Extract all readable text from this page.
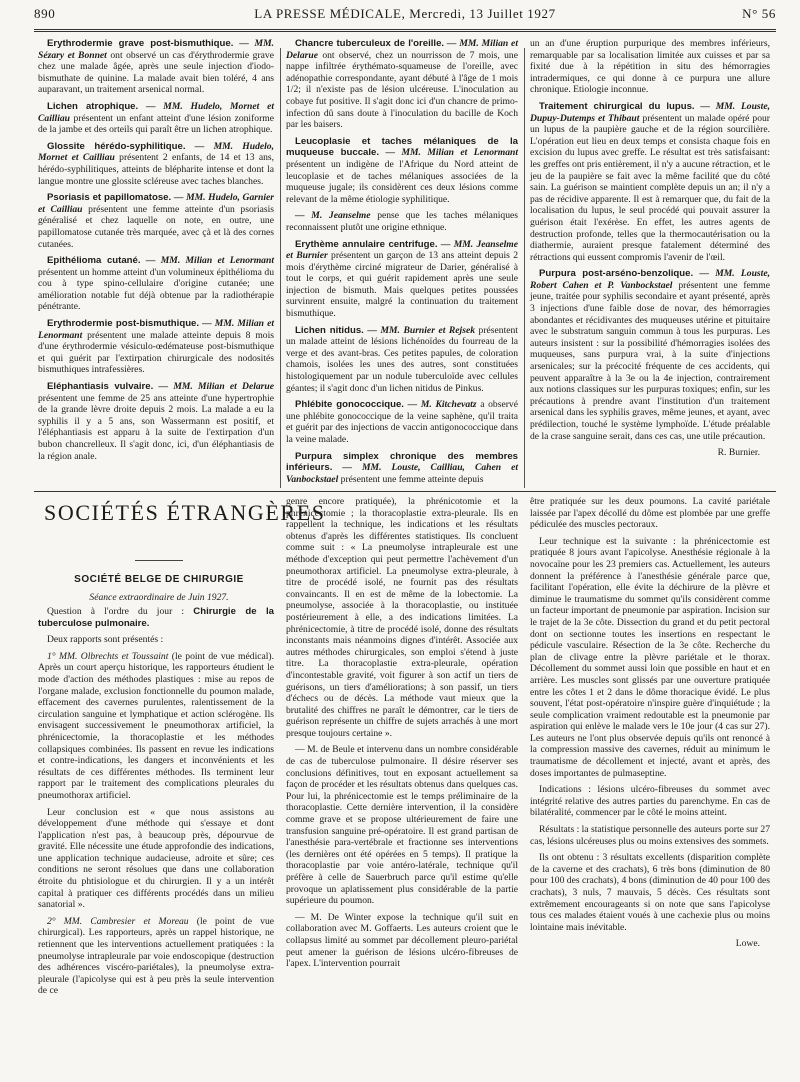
890	LA PRESSE MÉDICALE, Mercredi, 13 Juillet 1927	N° 56

Erythrodermie grave post-bismuthique. — MM. Sézary et Bonnet ont observé un cas d'érythrodermie grave chez une malade âgée, après une seule injection d'iodo-bismuthate de quinine. La malade avait bien toléré, 4 ans auparavant, un traitement arsenical normal.

Lichen atrophique. — MM. Hudelo, Mornet et Cailliau présentent un enfant atteint d'une lésion zoniforme de la jambe et des orteils qui paraît être un lichen atrophique.

Glossite hérédo-syphilitique. — MM. Hudelo, Mornet et Cailliau présentent 2 enfants, de 14 et 13 ans, hérédo-syphilitiques, atteints de blépharite intense et dont la langue montre une glossite scléreuse avec taches blanches.

Psoriasis et papillomatose. — MM. Hudelo, Garnier et Cailliau présentent une femme atteinte d'un psoriasis généralisé et chez laquelle on note, en outre, une papillomatose cutanée très marquée, avec çà et là des cornes cutanées.

Epithélioma cutané. — MM. Milian et Lenormant présentent un homme atteint d'un volumineux épithélioma du cou à type spino-cellulaire d'origine cutanée; une amélioration notable fut déjà obtenue par la radiothérapie pénétrante.

Erythrodermie post-bismuthique. — MM. Milian et Lenormant présentent une malade atteinte depuis 8 mois d'une érythrodermie vésiculo-œdémateuse post-bismuthique et qui guérit par l'extirpation chirurgicale des nodosités bismuthiques intrafessières.

Eléphantiasis vulvaire. — MM. Milian et Delarue présentent une femme de 25 ans atteinte d'une hypertrophie de la grande lèvre droite depuis 2 mois. La malade a eu la syphilis il y a 5 ans, son Wassermann est positif, et l'éléphantiasis est apparu à la suite de l'extirpation d'un bubon chancrelleux. Il s'agit donc, ici, d'un éléphantiasis de la région anale.

Chancre tuberculeux de l'oreille. — MM. Milian et Delarue ont observé, chez un nourrisson de 7 mois, une nappe infiltrée érythémato-squameuse de l'oreille, avec adénopathie correspondante, ayant débuté à l'âge de 1 mois 1/2; il n'existe pas de lésion ulcéreuse. L'inoculation au cobaye fut positive. Il s'agit donc ici d'un chancre de primo-infection dû sans doute à l'inoculation du bacille de Koch par les baisers.

Leucoplasie et taches mélaniques de la muqueuse buccale. — MM. Milian et Lenormant présentent un indigène de l'Afrique du Nord atteint de leucoplasie et de taches mélaniques associées de la muqueuse jugale; ils considèrent ces deux lésions comme relevant de la même étiologie syphilitique.

— M. Jeanselme pense que les taches mélaniques reconnaissent plutôt une origine ethnique.

Erythème annulaire centrifuge. — MM. Jeanselme et Burnier présentent un garçon de 13 ans atteint depuis 2 mois d'érythème circiné migrateur de Darier, généralisé à tout le corps, et qui guérit rapidement après une seule injection de bismuth. Mais quelques petites poussées survinrent ensuite, malgré la continuation du traitement bismuthique.

Lichen nitidus. — MM. Burnier et Rejsek présentent un malade atteint de lésions lichénoïdes du fourreau de la verge et des avant-bras. Ces petites papules, de coloration chamois, isolées les unes des autres, sont constituées histologiquement par un nodule tuberculoïde avec cellules géantes; il s'agit donc d'un lichen nitidus de Pinkus.

Phlébite gonococcique. — M. Kitchevatz a observé une phlébite gonococcique de la veine saphène, qu'il traita et guérit par des injections de vaccin antigonococcique dans la veine malade.

Purpura simplex chronique des membres inférieurs. — MM. Louste, Cailliau, Cahen et Vanbockstael présentent une femme atteinte depuis

un an d'une éruption purpurique des membres inférieurs, remarquable par sa localisation limitée aux cuisses et par sa fixité due à la répétition in situ des hémorragies intradermiques, ce qui donne à ce purpura une allure chronique. Etiologie inconnue.

Traitement chirurgical du lupus. — MM. Louste, Dupuy-Dutemps et Thibaut présentent un malade opéré pour un lupus de la paupière gauche et de la région sourcilière. L'opération eut lieu en deux temps et consista chaque fois en excision du lupus avec greffe. Le résultat est très satisfaisant: les greffes ont pris entièrement, il n'y a aucune rétraction, et le jeu de la paupière se fait avec la même facilité que du côté sain. La guérison se maintient complète depuis un an; il n'y a pas de récidive apparente. Il est à remarquer que, du fait de la localisation du lupus, le seul procédé qui pouvait assurer la guérison était l'exérèse. En effet, les autres agents de destruction profonde, telles que la thermocautérisation ou la diathermie, auraient presque fatalement déterminé des rétractions qui eussent compromis l'avenir de l'œil.

Purpura post-arséno-benzolique. — MM. Louste, Robert Cahen et P. Vanbockstael présentent une femme jeune, traitée pour syphilis secondaire et ayant présenté, après 3 injections d'une faible dose de novar, des hémorragies abondantes et récidivantes des muqueuses utérine et pituitaire avec le substratum sanguin commun à tous les purpuras. Les auteurs insistent : sur la possibilité d'hémorragies isolées des muqueuses, sans purpura vrai, à la suite d'injections arsenicales; sur la précocité fréquente de ces accidents, qui peuvent apparaître à la 3e ou la 4e injection, contrairement aux notions classiques sur les purpuras toxiques; enfin, sur les précautions à prendre avant l'institution d'un traitement arsenical dans les syphilis graves, même jeunes, et ayant, avec prédilection, touché le système lymphoïde. L'étude préalable de la crase sanguine serait, dans ces cas, une utile précaution.

R. Burnier.

SOCIÉTÉS ÉTRANGÈRES
SOCIÉTÉ BELGE DE CHIRURGIE
Séance extraordinaire de Juin 1927.

Question à l'ordre du jour : Chirurgie de la tuberculose pulmonaire.

Deux rapports sont présentés :

1° MM. Olbrechts et Toussaint (le point de vue médical). Après un court aperçu historique, les rapporteurs étudient le mode d'action des méthodes plastiques : mise au repos de l'organe malade, exclusion fonctionnelle du poumon malade, effacement des cavernes purulentes, ralentissement de la circulation sanguine et lymphatique et action sclérogène. Ils envisagent successivement le pneumothorax artificiel, la phrénicectomie, la thoracoplastie et les méthodes collapsiques combinées. Ils passent en revue les indications et contre-indications, les dangers et inconvénients et les résultats de ces différentes méthodes. Ils terminent leur rapport par le traitement des complications pleurales du pneumothorax artificiel.

Leur conclusion est « que nous assistons au développement d'une méthode qui s'essaye et dont l'application n'est pas, à beaucoup près, dépourvue de gravité. Elle nécessite une étude approfondie des indications, une application technique audacieuse, adroite et sûre; ces conditions ne seront résolues que dans une collaboration étroite du phtisiologue et du chirurgien. Il y a un intérêt capital à pratiquer ces différents procédés dans un milieu sanatorial ».

2° MM. Cambresier et Moreau (le point de vue chirurgical). Les rapporteurs, après un rappel historique, ne retiennent que les interventions actuellement pratiquées : la pneumolyse intrapleurale par voie endoscopique (destruction des adhérences viscéro-pariétales), la pneumolyse extra-pleurale (l'apicolyse qui est à peu près la seule intervention de ce

genre encore pratiquée), la phrénicotomie et la phrénicectomie ; la thoracoplastie extra-pleurale. Ils en rappellent la technique, les indications et les résultats obtenus d'après les différentes statistiques. Ils concluent comme suit : « La pneumolyse intrapleurale est une méthode d'exception qui peut permettre l'achèvement d'un pneumothorax artificiel. La pneumolyse extra-pleurale, à titre de procédé isolé, ne fournit pas des résultats convaincants. Il en est de même de la lobectomie. La pneumolyse, associée à la thoracoplastie, ou instituée postérieurement à elle, a des indications limitées. La phrénicectomie, à titre de procédé isolé, donne des résultats inconstants mais néanmoins dignes d'intérêt. Associée aux autres méthodes chirurgicales, son emploi s'étend à juste titre. La thoracoplastie extra-pleurale, opération d'incontestable gravité, voit figurer à son actif un tiers de guérisons, un tiers d'améliorations; à son passif, un tiers d'échecs ou de décès. La méthode vaut mieux que la brutalité des chiffres ne paraît le démontrer, car le tiers de guérison représente un chiffre de sujets arrachés à une mort presque toujours certaine ».

— M. de Beule et intervenu dans un nombre considérable de cas de tuberculose pulmonaire. Il désire réserver ses conclusions définitives, tout en exposant actuellement sa façon de procéder et les résultats obtenus dans quelques cas. Pour lui, la phrénicectomie est le temps préliminaire de la thoracoplastie. Cette dernière intervention, il la considère comme grave et se propose ultérieurement de faire une transfusion sanguine pré-opératoire. Il est grand partisan de l'anesthésie para-vertébrale et fractionne ses interventions (les dernières ont été opérées en 5 temps). Il pratique la thoracoplastie par voie antéro-latérale, technique qu'il préfère à celle de Sauerbruch parce qu'il estime qu'elle provoque un aplatissement plus considérable de la partie supérieure du poumon.

— M. De Winter expose la technique qu'il suit en collaboration avec M. Goffaerts. Les auteurs croient que le collapsus limité au sommet par décollement pleuro-pariétal peut amener la guérison de lésions ulcéro-fibreuses de l'apex. L'intervention pourrait

être pratiquée sur les deux poumons. La cavité pariétale laissée par l'apex décollé du dôme est plombée par une greffe pédiculée des muscles pectoraux.

Leur technique est la suivante : la phrénicectomie est pratiquée 8 jours avant l'apicolyse. Anesthésie régionale à la novocaïne pour les 23 premiers cas. Actuellement, les auteurs donnent la préférence à l'anesthésie générale parce que, facilitant l'opération, elle évite la déchirure de la plèvre et diminue le traumatisme du sommet qu'ils considèrent comme un facteur important de pneumonie par aspiration. Incision sur le trajet de la 3e côte. Dissection du grand et du petit pectoral dont on sectionne toutes les insertions en respectant le pédicule vasculaire. Résection de la 3e côte. Recherche du plan de clivage entre la plèvre pariétale et le thorax. Décollement du sommet aussi loin que possible en haut et en arrière. Les muscles sont glissés par une ouverture pratiquée entre les côtes 1 et 2 dans le dôme thoracique évidé. Le plus souvent, l'état post-opératoire n'inspire guère d'inquiétude ; la seule complication vraiment redoutable est la pneumonie par aspiration qui enlève le malade vers le 10e jour (4 cas sur 27). Les auteurs ne l'ont plus observée depuis qu'ils ont renoncé à la compression massive des cavernes, réduit au minimum le traumatisme de décollement et injecté, avant et après, des doses importantes de pulmaseptine.

Indications : lésions ulcéro-fibreuses du sommet avec intégrité relative des autres parties du parenchyme. En cas de bilatéralité, commencer par le côté le moins atteint.

Résultats : la statistique personnelle des auteurs porte sur 27 cas, lésions ulcéreuses plus ou moins extensives des sommets.

Ils ont obtenu : 3 résultats excellents (disparition complète de la caverne et des crachats), 6 très bons (diminution de 80 pour 100 des crachats), 4 bons (diminution de 40 pour 100 des crachats), 3 nuls, 7 mauvais, 5 décès. Ces résultats sont extrêmement encourageants si on note que sans l'apicolyse tous ces malades étaient voués à une cachexie plus ou moins lointaine mais inévitable.

Lowe.
